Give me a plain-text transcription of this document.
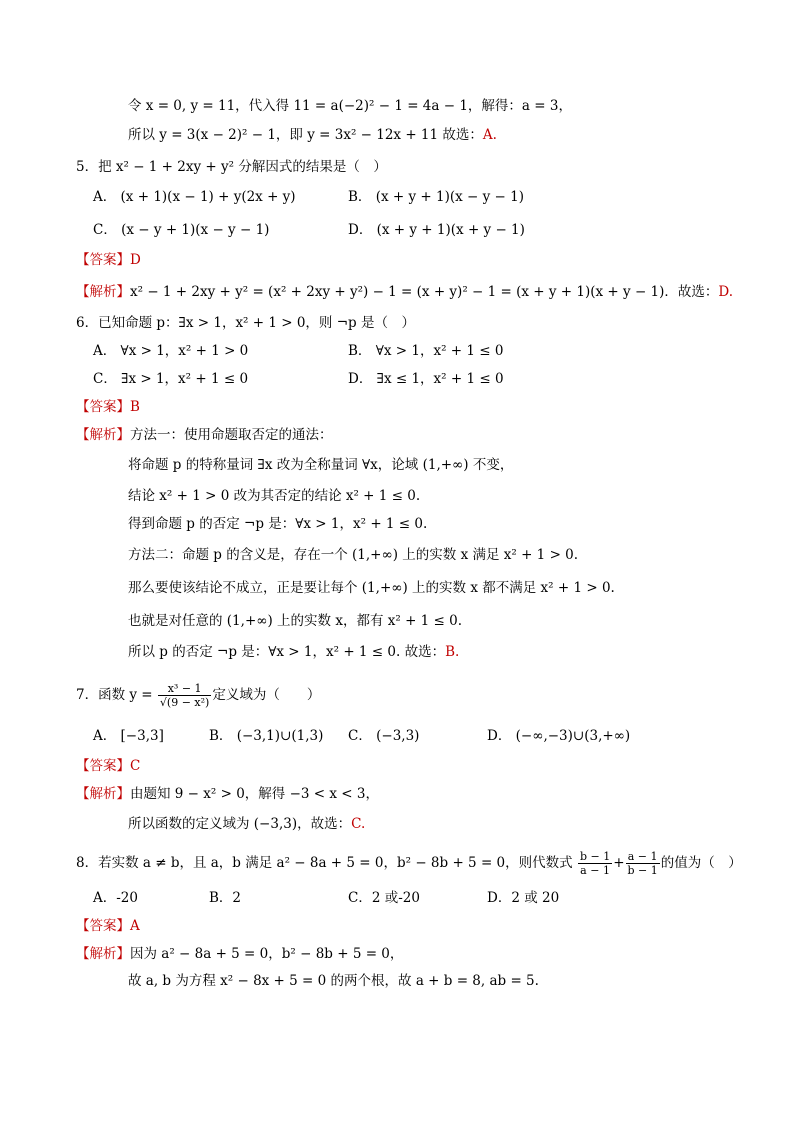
令 x = 0, y = 11，代入得 11 = a(−2)² − 1 = 4a − 1，解得：a = 3，
所以 y = 3(x − 2)² − 1，即 y = 3x² − 12x + 11 故选：A.
5．把 x² − 1 + 2xy + y² 分解因式的结果是（　）
A． (x + 1)(x − 1) + y(2x + y)	B． (x + y + 1)(x − y − 1)
C． (x − y + 1)(x − y − 1)	D． (x + y + 1)(x + y − 1)
【答案】D
【解析】x² − 1 + 2xy + y² = (x² + 2xy + y²) − 1 = (x + y)² − 1 = (x + y + 1)(x + y − 1)．故选：D.
6．已知命题 p：∃x > 1，x² + 1 > 0，则 ¬p 是（　）
A． ∀x > 1，x² + 1 > 0	B． ∀x > 1，x² + 1 ≤ 0
C． ∃x > 1，x² + 1 ≤ 0	D． ∃x ≤ 1，x² + 1 ≤ 0
【答案】B
【解析】方法一：使用命题取否定的通法：
将命题 p 的特称量词 ∃x 改为全称量词 ∀x，论域 (1,+∞) 不变，
结论 x² + 1 > 0 改为其否定的结论 x² + 1 ≤ 0.
得到命题 p 的否定 ¬p 是：∀x > 1，x² + 1 ≤ 0.
方法二：命题 p 的含义是，存在一个 (1,+∞) 上的实数 x 满足 x² + 1 > 0.
那么要使该结论不成立，正是要让每个 (1,+∞) 上的实数 x 都不满足 x² + 1 > 0.
也就是对任意的 (1,+∞) 上的实数 x，都有 x² + 1 ≤ 0.
所以 p 的否定 ¬p 是：∀x > 1，x² + 1 ≤ 0. 故选：B.
7．函数 $y = \frac{\text{x³ − 1}}{\text{√(9 − x²)}}$ 定义域为（　　）
A． [−3,3]	B． (−3,1)∪(1,3) C． (−3,3)	D． (−∞,−3)∪(3,+∞)
【答案】C
【解析】由题知 9 − x² > 0，解得 −3 < x < 3，
所以函数的定义域为 (−3,3)，故选：C.
8．若实数 a ≠ b，且 a，b 满足 a² − 8a + 5 = 0，b² − 8b + 5 = 0，则代数式 $\frac{b - 1}{a - 1} + \frac{a - 1}{b - 1}$ 的值为（　）
A．-20	B．2	C．2 或-20	D．2 或 20
【答案】A
【解析】因为 a² − 8a + 5 = 0，b² − 8b + 5 = 0，
故 a, b 为方程 x² − 8x + 5 = 0 的两个根，故 a + b = 8, ab = 5.
